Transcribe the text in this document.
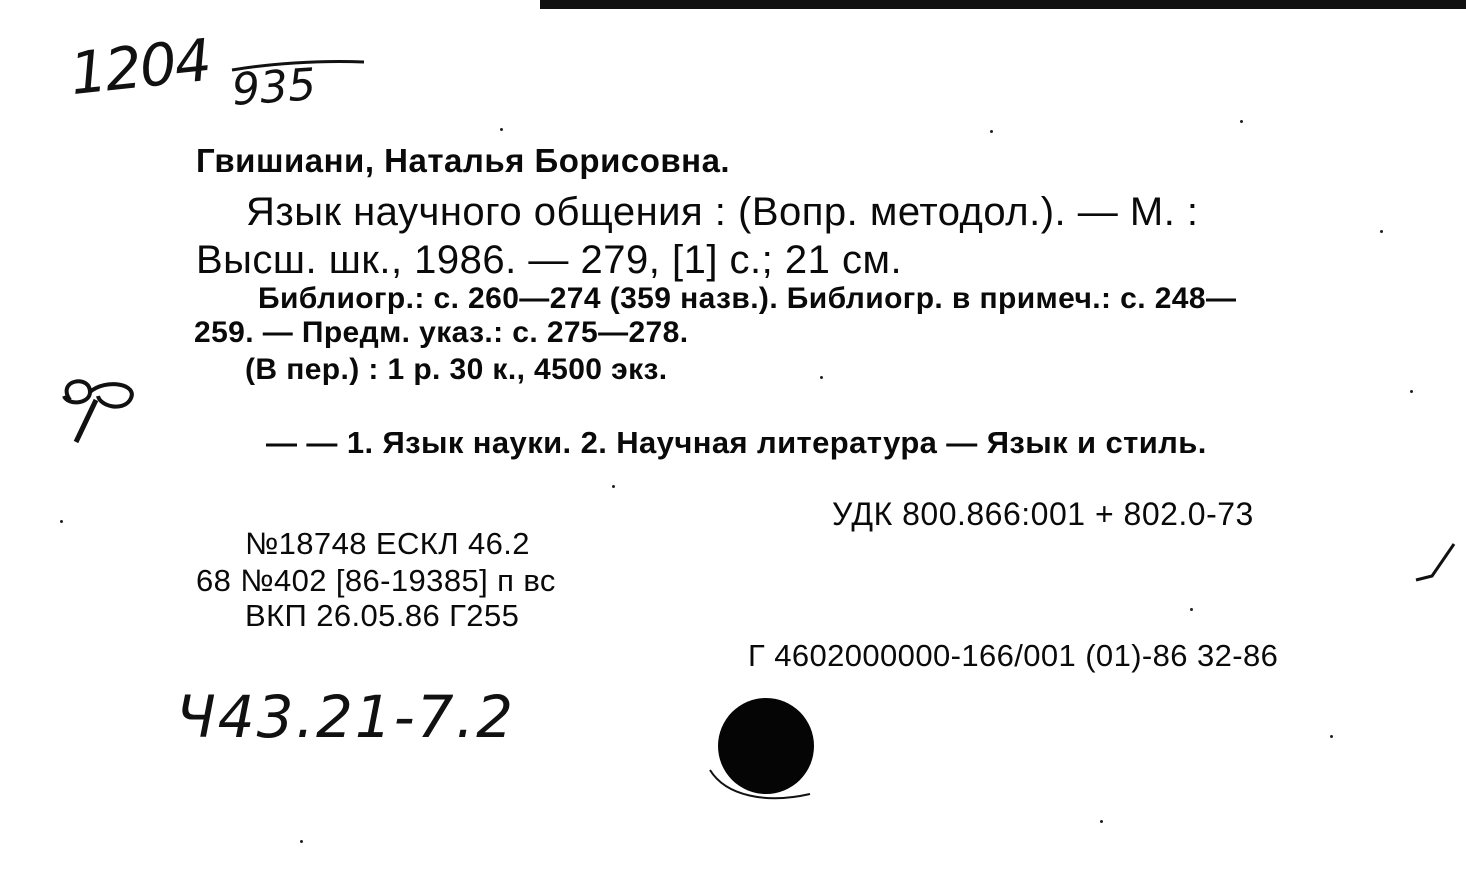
1204 935
Гвишиани, Наталья Борисовна.
Язык научного общения : (Вопр. методол.). — М. :
Высш. шк., 1986. — 279, [1] с.; 21 см.
Библиогр.: с. 260—274 (359 назв.). Библиогр. в примеч.: с. 248—
259. — Предм. указ.: с. 275—278.
(В пер.) : 1 р. 30 к., 4500 экз.
— — 1. Язык науки. 2. Научная литература — Язык и стиль.
УДК 800.866:001 + 802.0-73
№18748 ЕСКЛ 46.2
68 №402 [86-19385] п вс
ВКП 26.05.86 Г255
Г 4602000000-166/001 (01)-86 32-86
Ч43.21-7.2
